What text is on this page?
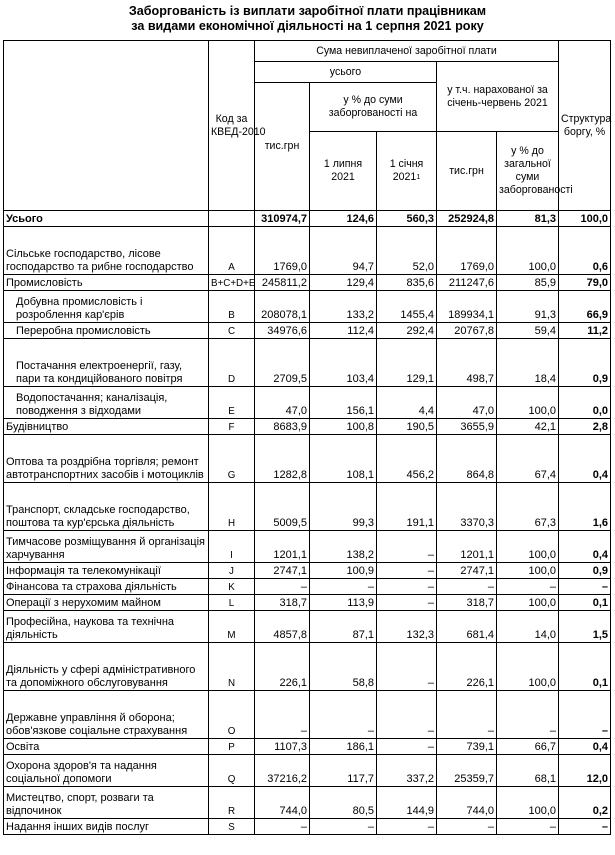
Заборгованість із виплати заробітної плати працівникам
за видами економічної діяльності на 1 серпня 2021 року
	Код за КВЕД-2010	Сума невиплаченої заробітної плати					Структура боргу, %
		усього			у т.ч. нарахованої за січень-червень 2021		
		тис.грн	у % до суми заборгованості на				
			1 липня 2021	1 січня 2021$^1$	тис.грн	у % до загальної суми заборгованості	
Усього		310974,7	124,6	560,3	252924,8	81,3	100,0
Сільське господарство, лісове господарство та рибне господарство	A	1769,0	94,7	52,0	1769,0	100,0	0,6
Промисловість	B+C+D+E	245811,2	129,4	835,6	211247,6	85,9	79,0
Добувна промисловість і розроблення кар'єрів	B	208078,1	133,2	1455,4	189934,1	91,3	66,9
Переробна промисловість	C	34976,6	112,4	292,4	20767,8	59,4	11,2
Постачання електроенергії, газу, пари та кондиційованого повітря	D	2709,5	103,4	129,1	498,7	18,4	0,9
Водопостачання; каналізація, поводження з відходами	E	47,0	156,1	4,4	47,0	100,0	0,0
Будівництво	F	8683,9	100,8	190,5	3655,9	42,1	2,8
Оптова та роздрібна торгівля; ремонт автотранспортних засобів і мотоциклів	G	1282,8	108,1	456,2	864,8	67,4	0,4
Транспорт, складське господарство, поштова та кур'єрська діяльність	H	5009,5	99,3	191,1	3370,3	67,3	1,6
Тимчасове розміщування й організація харчування	I	1201,1	138,2	–	1201,1	100,0	0,4
Інформація та телекомунікації	J	2747,1	100,9	–	2747,1	100,0	0,9
Фінансова та страхова діяльність	K	–	–	–	–	–	–
Операції з нерухомим майном	L	318,7	113,9	–	318,7	100,0	0,1
Професійна, наукова та технічна діяльність	M	4857,8	87,1	132,3	681,4	14,0	1,5
Діяльність у сфері адміністративного та допоміжного обслуговування	N	226,1	58,8	–	226,1	100,0	0,1
Державне управління й оборона; обов'язкове соціальне страхування	O	–	–	–	–	–	–
Освіта	P	1107,3	186,1	–	739,1	66,7	0,4
Охорона здоров'я та надання соціальної допомоги	Q	37216,2	117,7	337,2	25359,7	68,1	12,0
Мистецтво, спорт, розваги та відпочинок	R	744,0	80,5	144,9	744,0	100,0	0,2
Надання інших видів послуг	S	–	–	–	–	–	–
